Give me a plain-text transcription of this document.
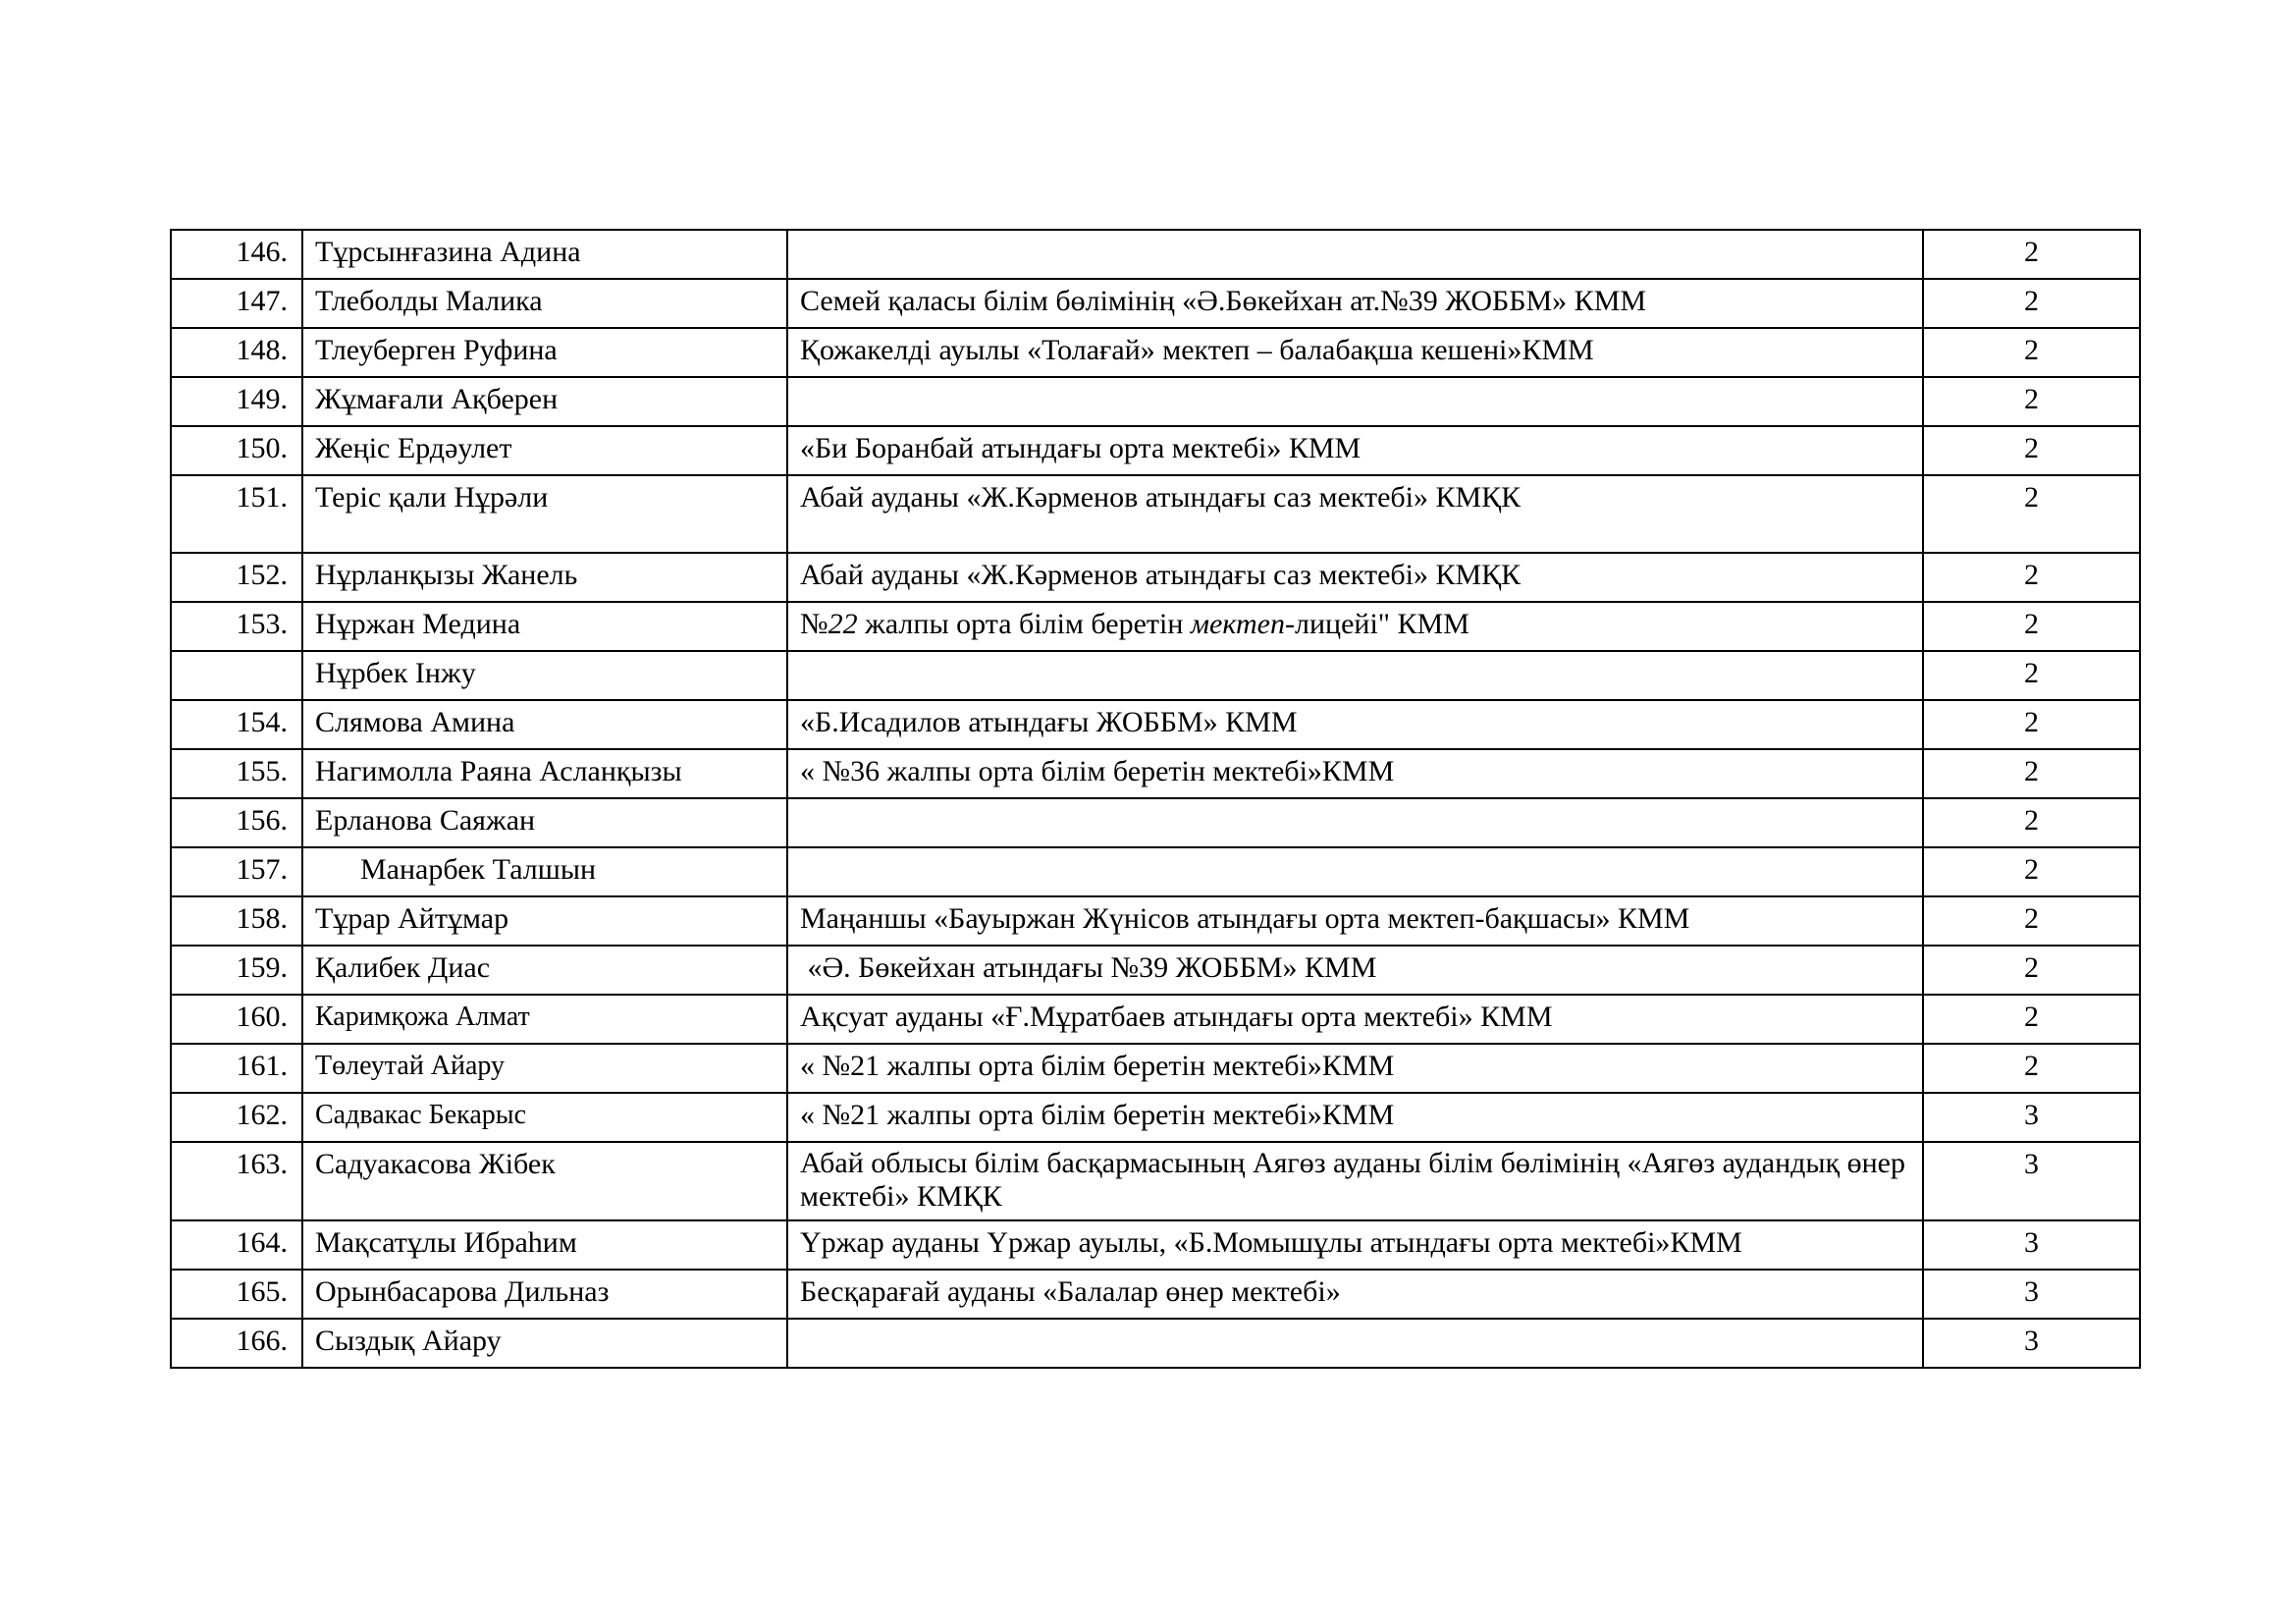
146.	Тұрсынғазина Адина		2
147.	Тлеболды Малика	Семей қаласы білім бөлімінің «Ә.Бөкейхан ат.№39 ЖОББМ» КММ	2
148.	Тлеуберген Руфина	Қожакелді ауылы «Толағай» мектеп – балабақша кешені»КММ	2
149.	Жұмағали Ақберен		2
150.	Жеңіс Ердәулет	«Би Боранбай атындағы орта мектебі» КММ	2
151.	Теріс қали Нұрәли	Абай ауданы «Ж.Кәрменов атындағы саз мектебі» КМҚК	2
152.	Нұрланқызы Жанель	Абай ауданы «Ж.Кәрменов атындағы саз мектебі» КМҚК	2
153.	Нұржан Медина	№22 жалпы орта білім беретін мектеп-лицейі" КММ	2
	Нұрбек Інжу		2
154.	Слямова Амина	«Б.Исадилов атындағы ЖОББМ» КММ	2
155.	Нагимолла Раяна Асланқызы	« №36 жалпы орта білім беретін мектебі»КММ	2
156.	Ерланова Саяжан		2
157.	Манарбек Талшын		2
158.	Тұрар Айтұмар	Маңаншы «Бауыржан Жүнісов атындағы орта мектеп-бақшасы» КММ	2
159.	Қалибек Диас	«Ә. Бөкейхан атындағы №39 ЖОББМ» КММ	2
160.	Каримқожа Алмат	Ақсуат ауданы «Ғ.Мұратбаев атындағы орта мектебі» КММ	2
161.	Төлеутай Айару	« №21 жалпы орта білім беретін мектебі»КММ	2
162.	Садвакас Бекарыс	« №21 жалпы орта білім беретін мектебі»КММ	3
163.	Садуакасова Жібек	Абай облысы білім басқармасының Аягөз ауданы білім бөлімінің «Аягөз аудандық өнер мектебі» КМҚК	3
164.	Мақсатұлы Ибраһим	Үржар ауданы Үржар ауылы, «Б.Момышұлы атындағы орта мектебі»КММ	3
165.	Орынбасарова Дильназ	Бесқарағай ауданы «Балалар өнер мектебі»	3
166.	Сыздық Айару		3
